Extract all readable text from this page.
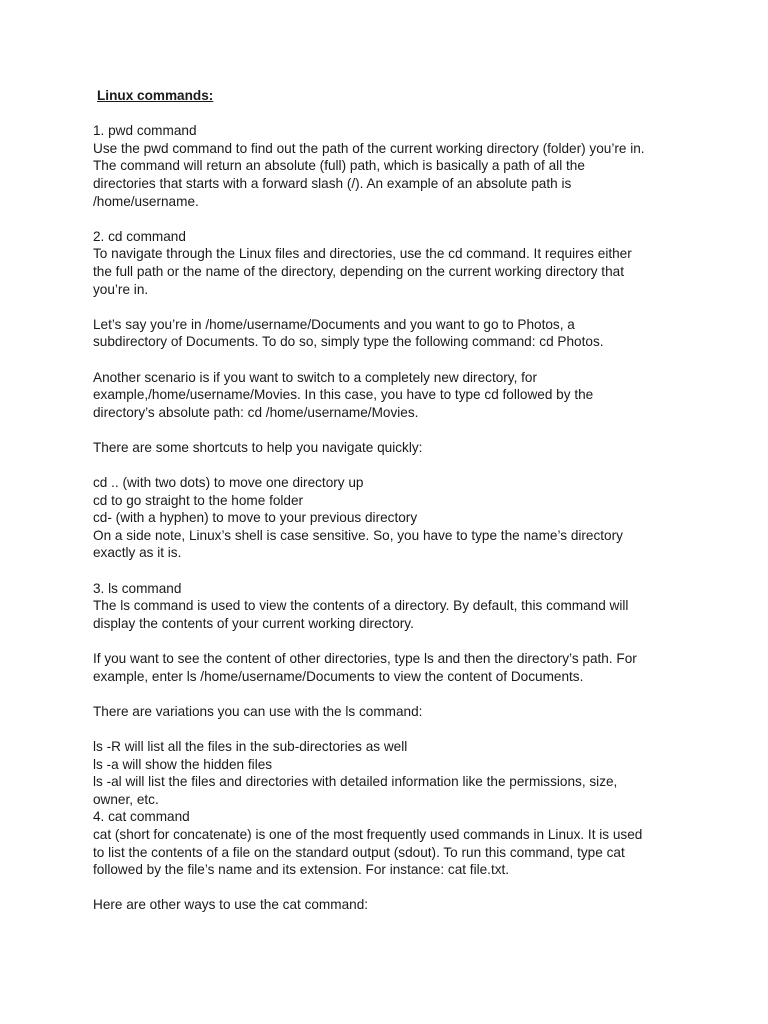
Linux commands:
1. pwd command
Use the pwd command to find out the path of the current working directory (folder) you’re in.
The command will return an absolute (full) path, which is basically a path of all the
directories that starts with a forward slash (/). An example of an absolute path is
/home/username.
2. cd command
To navigate through the Linux files and directories, use the cd command. It requires either
the full path or the name of the directory, depending on the current working directory that
you’re in.
Let’s say you’re in /home/username/Documents and you want to go to Photos, a
subdirectory of Documents. To do so, simply type the following command: cd Photos.
Another scenario is if you want to switch to a completely new directory, for
example,/home/username/Movies. In this case, you have to type cd followed by the
directory’s absolute path: cd /home/username/Movies.
There are some shortcuts to help you navigate quickly:
cd .. (with two dots) to move one directory up
cd to go straight to the home folder
cd- (with a hyphen) to move to your previous directory
On a side note, Linux’s shell is case sensitive. So, you have to type the name’s directory
exactly as it is.
3. ls command
The ls command is used to view the contents of a directory. By default, this command will
display the contents of your current working directory.
If you want to see the content of other directories, type ls and then the directory’s path. For
example, enter ls /home/username/Documents to view the content of Documents.
There are variations you can use with the ls command:
ls -R will list all the files in the sub-directories as well
ls -a will show the hidden files
ls -al will list the files and directories with detailed information like the permissions, size,
owner, etc.
4. cat command
cat (short for concatenate) is one of the most frequently used commands in Linux. It is used
to list the contents of a file on the standard output (sdout). To run this command, type cat
followed by the file’s name and its extension. For instance: cat file.txt.
Here are other ways to use the cat command:
